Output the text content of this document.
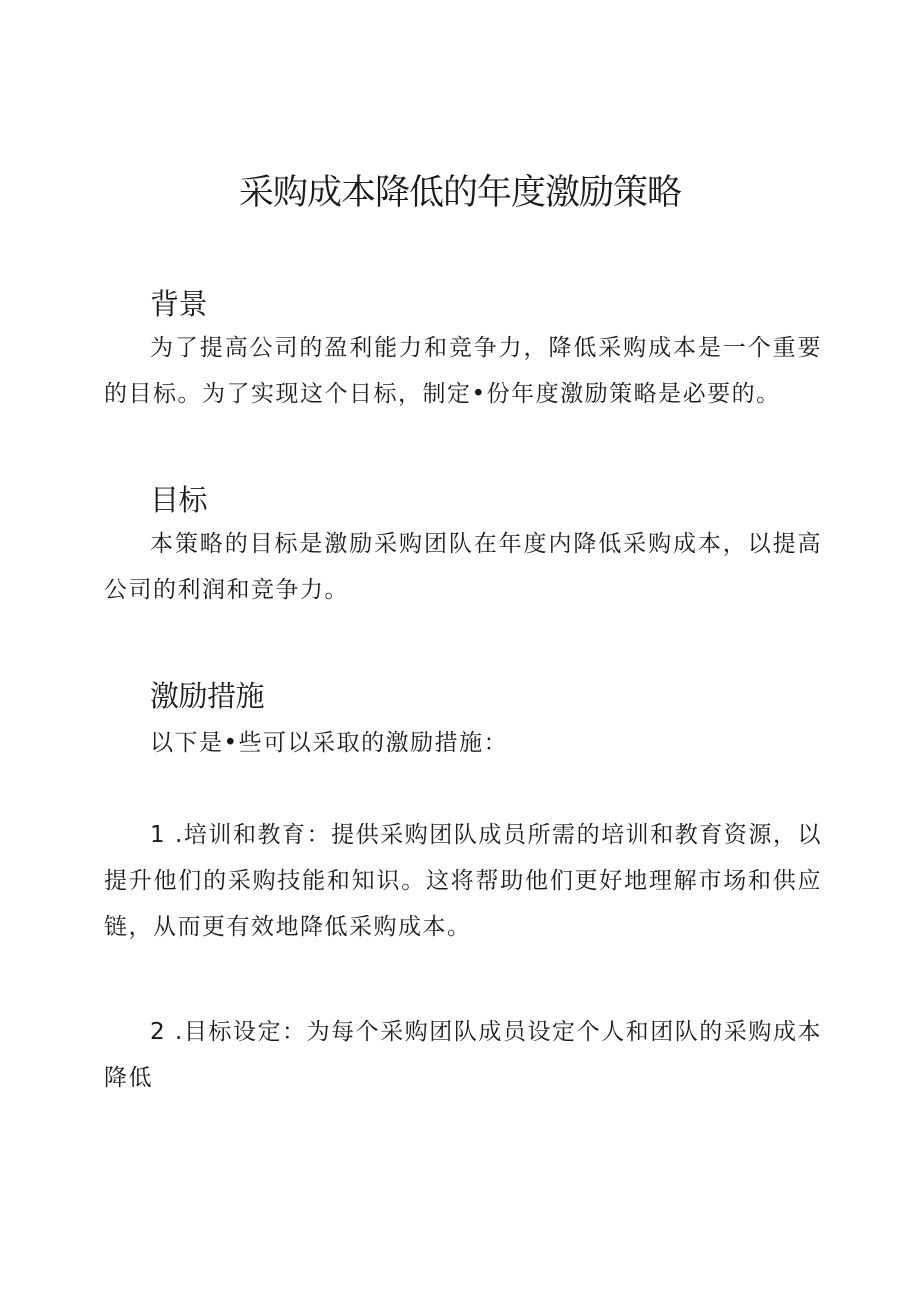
采购成本降低的年度激励策略
背景

为了提高公司的盈利能力和竞争力，降低采购成本是一个重要的目标。为了实现这个日标，制定•份年度激励策略是必要的。

目标

本策略的目标是激励采购团队在年度内降低采购成本，以提高公司的利润和竞争力。

激励措施

以下是•些可以采取的激励措施：

1 .培训和教育：提供采购团队成员所需的培训和教育资源，以提升他们的采购技能和知识。这将帮助他们更好地理解市场和供应链，从而更有效地降低采购成本。

2 .目标设定：为每个采购团队成员设定个人和团队的采购成本降低
